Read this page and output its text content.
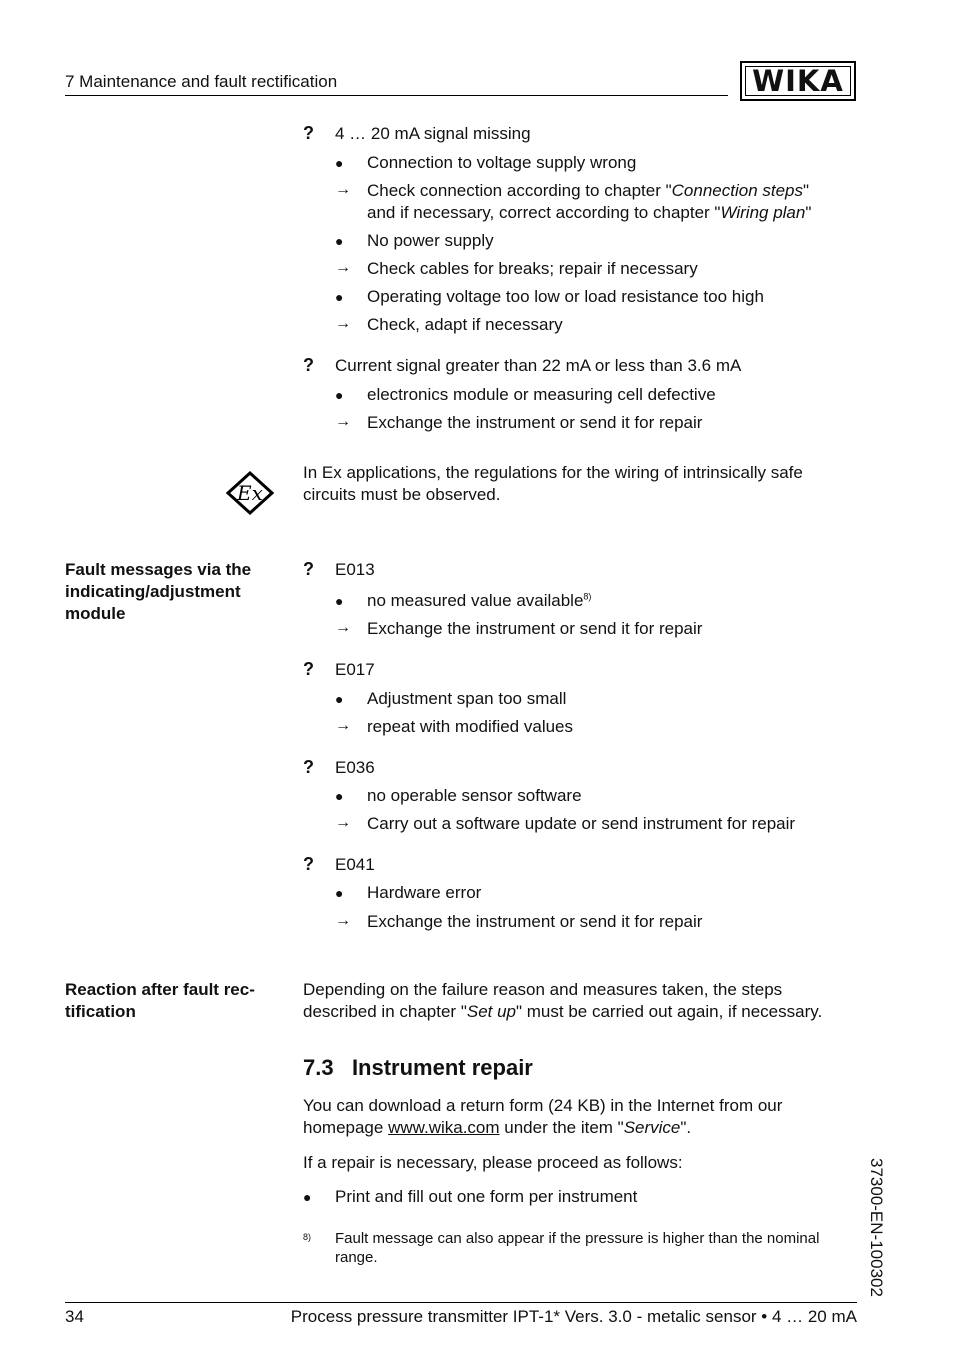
7 Maintenance and fault rectification	WIKA
? 4 … 20 mA signal missing
● Connection to voltage supply wrong
→ Check connection according to chapter "Connection steps"
and if necessary, correct according to chapter "Wiring plan"
● No power supply
→ Check cables for breaks; repair if necessary
● Operating voltage too low or load resistance too high
→ Check, adapt if necessary
? Current signal greater than 22 mA or less than 3.6 mA
● electronics module or measuring cell defective
→ Exchange the instrument or send it for repair
Ex
In Ex applications, the regulations for the wiring of intrinsically safe
circuits must be observed.
Fault messages via the
indicating/adjustment
module
? E013
● no measured value available$^{8)}$
→ Exchange the instrument or send it for repair
? E017
● Adjustment span too small
→ repeat with modified values
? E036
● no operable sensor software
→ Carry out a software update or send instrument for repair
? E041
● Hardware error
→ Exchange the instrument or send it for repair
Reaction after fault rec-
tification
Depending on the failure reason and measures taken, the steps
described in chapter "Set up" must be carried out again, if necessary.
7.3 Instrument repair
You can download a return form (24 KB) in the Internet from our
homepage www.wika.com under the item "Service".
If a repair is necessary, please proceed as follows:
● Print and fill out one form per instrument
8) Fault message can also appear if the pressure is higher than the nominal
range.	37300-EN-100302
34	Process pressure transmitter IPT-1* Vers. 3.0 - metalic sensor • 4 … 20 mA
